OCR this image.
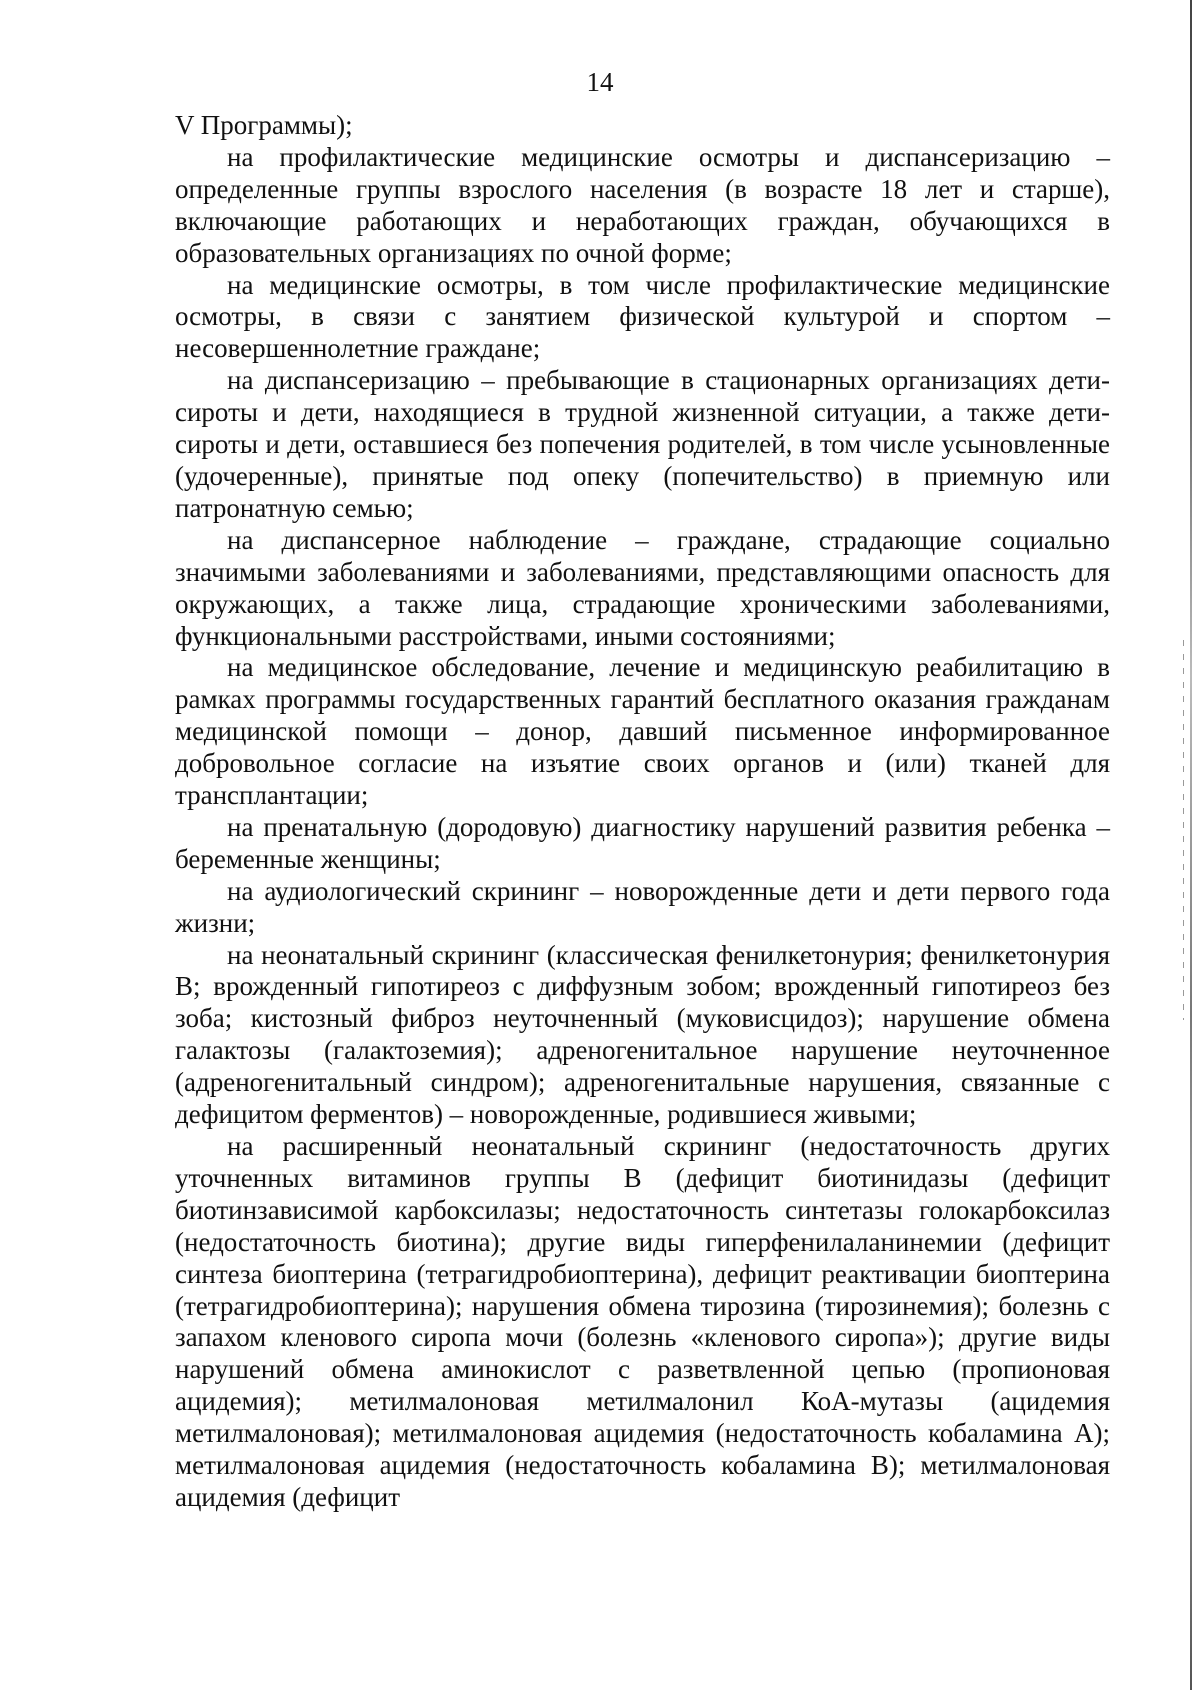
14

V Программы);

на профилактические медицинские осмотры и диспансеризацию – определенные группы взрослого населения (в возрасте 18 лет и старше), включающие работающих и неработающих граждан, обучающихся в образовательных организациях по очной форме;

на медицинские осмотры, в том числе профилактические медицинские осмотры, в связи с занятием физической культурой и спортом – несовершеннолетние граждане;

на диспансеризацию – пребывающие в стационарных организациях дети-сироты и дети, находящиеся в трудной жизненной ситуации, а также дети-сироты и дети, оставшиеся без попечения родителей, в том числе усыновленные (удочеренные), принятые под опеку (попечительство) в приемную или патронатную семью;

на диспансерное наблюдение – граждане, страдающие социально значимыми заболеваниями и заболеваниями, представляющими опасность для окружающих, а также лица, страдающие хроническими заболеваниями, функциональными расстройствами, иными состояниями;

на медицинское обследование, лечение и медицинскую реабилитацию в рамках программы государственных гарантий бесплатного оказания гражданам медицинской помощи – донор, давший письменное информированное добровольное согласие на изъятие своих органов и (или) тканей для трансплантации;

на пренатальную (дородовую) диагностику нарушений развития ребенка – беременные женщины;

на аудиологический скрининг – новорожденные дети и дети первого года жизни;

на неонатальный скрининг (классическая фенилкетонурия; фенилкетонурия В; врожденный гипотиреоз с диффузным зобом; врожденный гипотиреоз без зоба; кистозный фиброз неуточненный (муковисцидоз); нарушение обмена галактозы (галактоземия); адреногенитальное нарушение неуточненное (адреногенитальный синдром); адреногенитальные нарушения, связанные с дефицитом ферментов) – новорожденные, родившиеся живыми;

на расширенный неонатальный скрининг (недостаточность других уточненных витаминов группы В (дефицит биотинидазы (дефицит биотинзависимой карбоксилазы; недостаточность синтетазы голокарбоксилаз (недостаточность биотина); другие виды гиперфенилаланинемии (дефицит синтеза биоптерина (тетрагидробиоптерина), дефицит реактивации биоптерина (тетрагидробиоптерина); нарушения обмена тирозина (тирозинемия); болезнь с запахом кленового сиропа мочи (болезнь «кленового сиропа»); другие виды нарушений обмена аминокислот с разветвленной цепью (пропионовая ацидемия); метилмалоновая метилмалонил КоА-мутазы (ацидемия метилмалоновая); метилмалоновая ацидемия (недостаточность кобаламина А); метилмалоновая ацидемия (недостаточность кобаламина В); метилмалоновая ацидемия (дефицит
